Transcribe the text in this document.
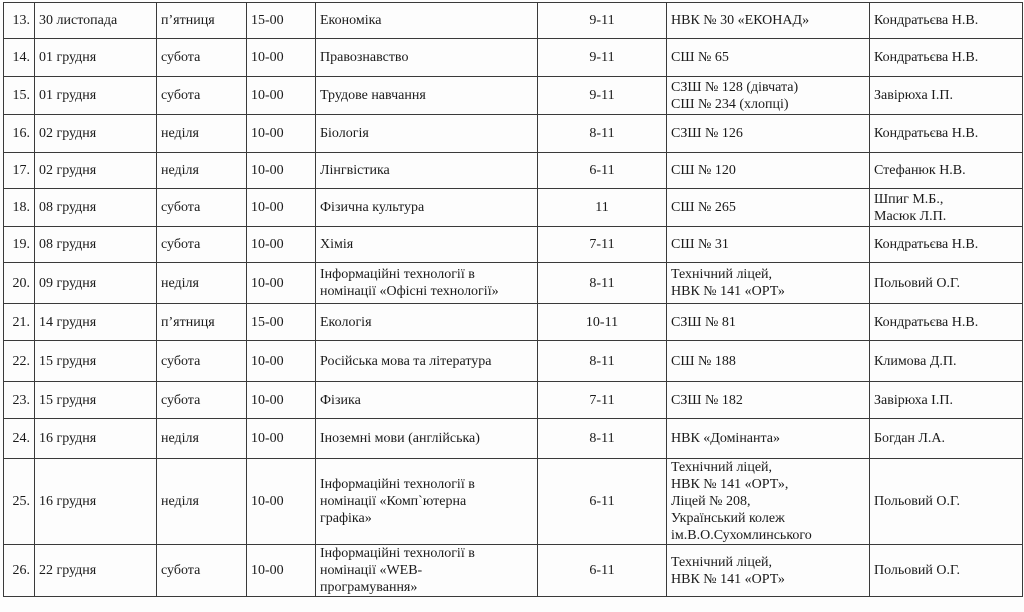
13.	30 листопада	п’ятниця	15-00	Економіка	9-11	НВК № 30 «ЕКОНАД»	Кондратьєва Н.В.

14.	01 грудня	субота	10-00	Правознавство	9-11	СШ № 65	Кондратьєва Н.В.

15.	01 грудня	субота	10-00	Трудове навчання	9-11	СЗШ № 128 (дівчата)
СШ № 234 (хлопці)	Завірюха І.П.

16.	02 грудня	неділя	10-00	Біологія	8-11	СЗШ № 126	Кондратьєва Н.В.

17.	02 грудня	неділя	10-00	Лінгвістика	6-11	СШ № 120	Стефанюк Н.В.

18.	08 грудня	субота	10-00	Фізична культура	11	СШ № 265	Шпиг М.Б.,
Масюк Л.П.

19.	08 грудня	субота	10-00	Хімія	7-11	СШ № 31	Кондратьєва Н.В.

20.	09 грудня	неділя	10-00	Інформаційні технології в
номінації «Офісні технології»	8-11	Технічний ліцей,
НВК № 141 «ОРТ»	Польовий О.Г.

21.	14 грудня	п’ятниця	15-00	Екологія	10-11	СЗШ № 81	Кондратьєва Н.В.

22.	15 грудня	субота	10-00	Російська мова та література	8-11	СШ № 188	Климова Д.П.

23.	15 грудня	субота	10-00	Фізика	7-11	СЗШ № 182	Завірюха І.П.

24.	16 грудня	неділя	10-00	Іноземні мови (англійська)	8-11	НВК «Домінанта»	Богдан Л.А.

25.	16 грудня	неділя	10-00	Інформаційні технології в
номінації «Комп`ютерна
графіка»	6-11	Технічний ліцей,
НВК № 141 «ОРТ»,
Ліцей № 208,
Український колеж
ім.В.О.Сухомлинського	Польовий О.Г.

26.	22 грудня	субота	10-00	Інформаційні технології в
номінації «WEB-
програмування»	6-11	Технічний ліцей,
НВК № 141 «ОРТ»	Польовий О.Г.
